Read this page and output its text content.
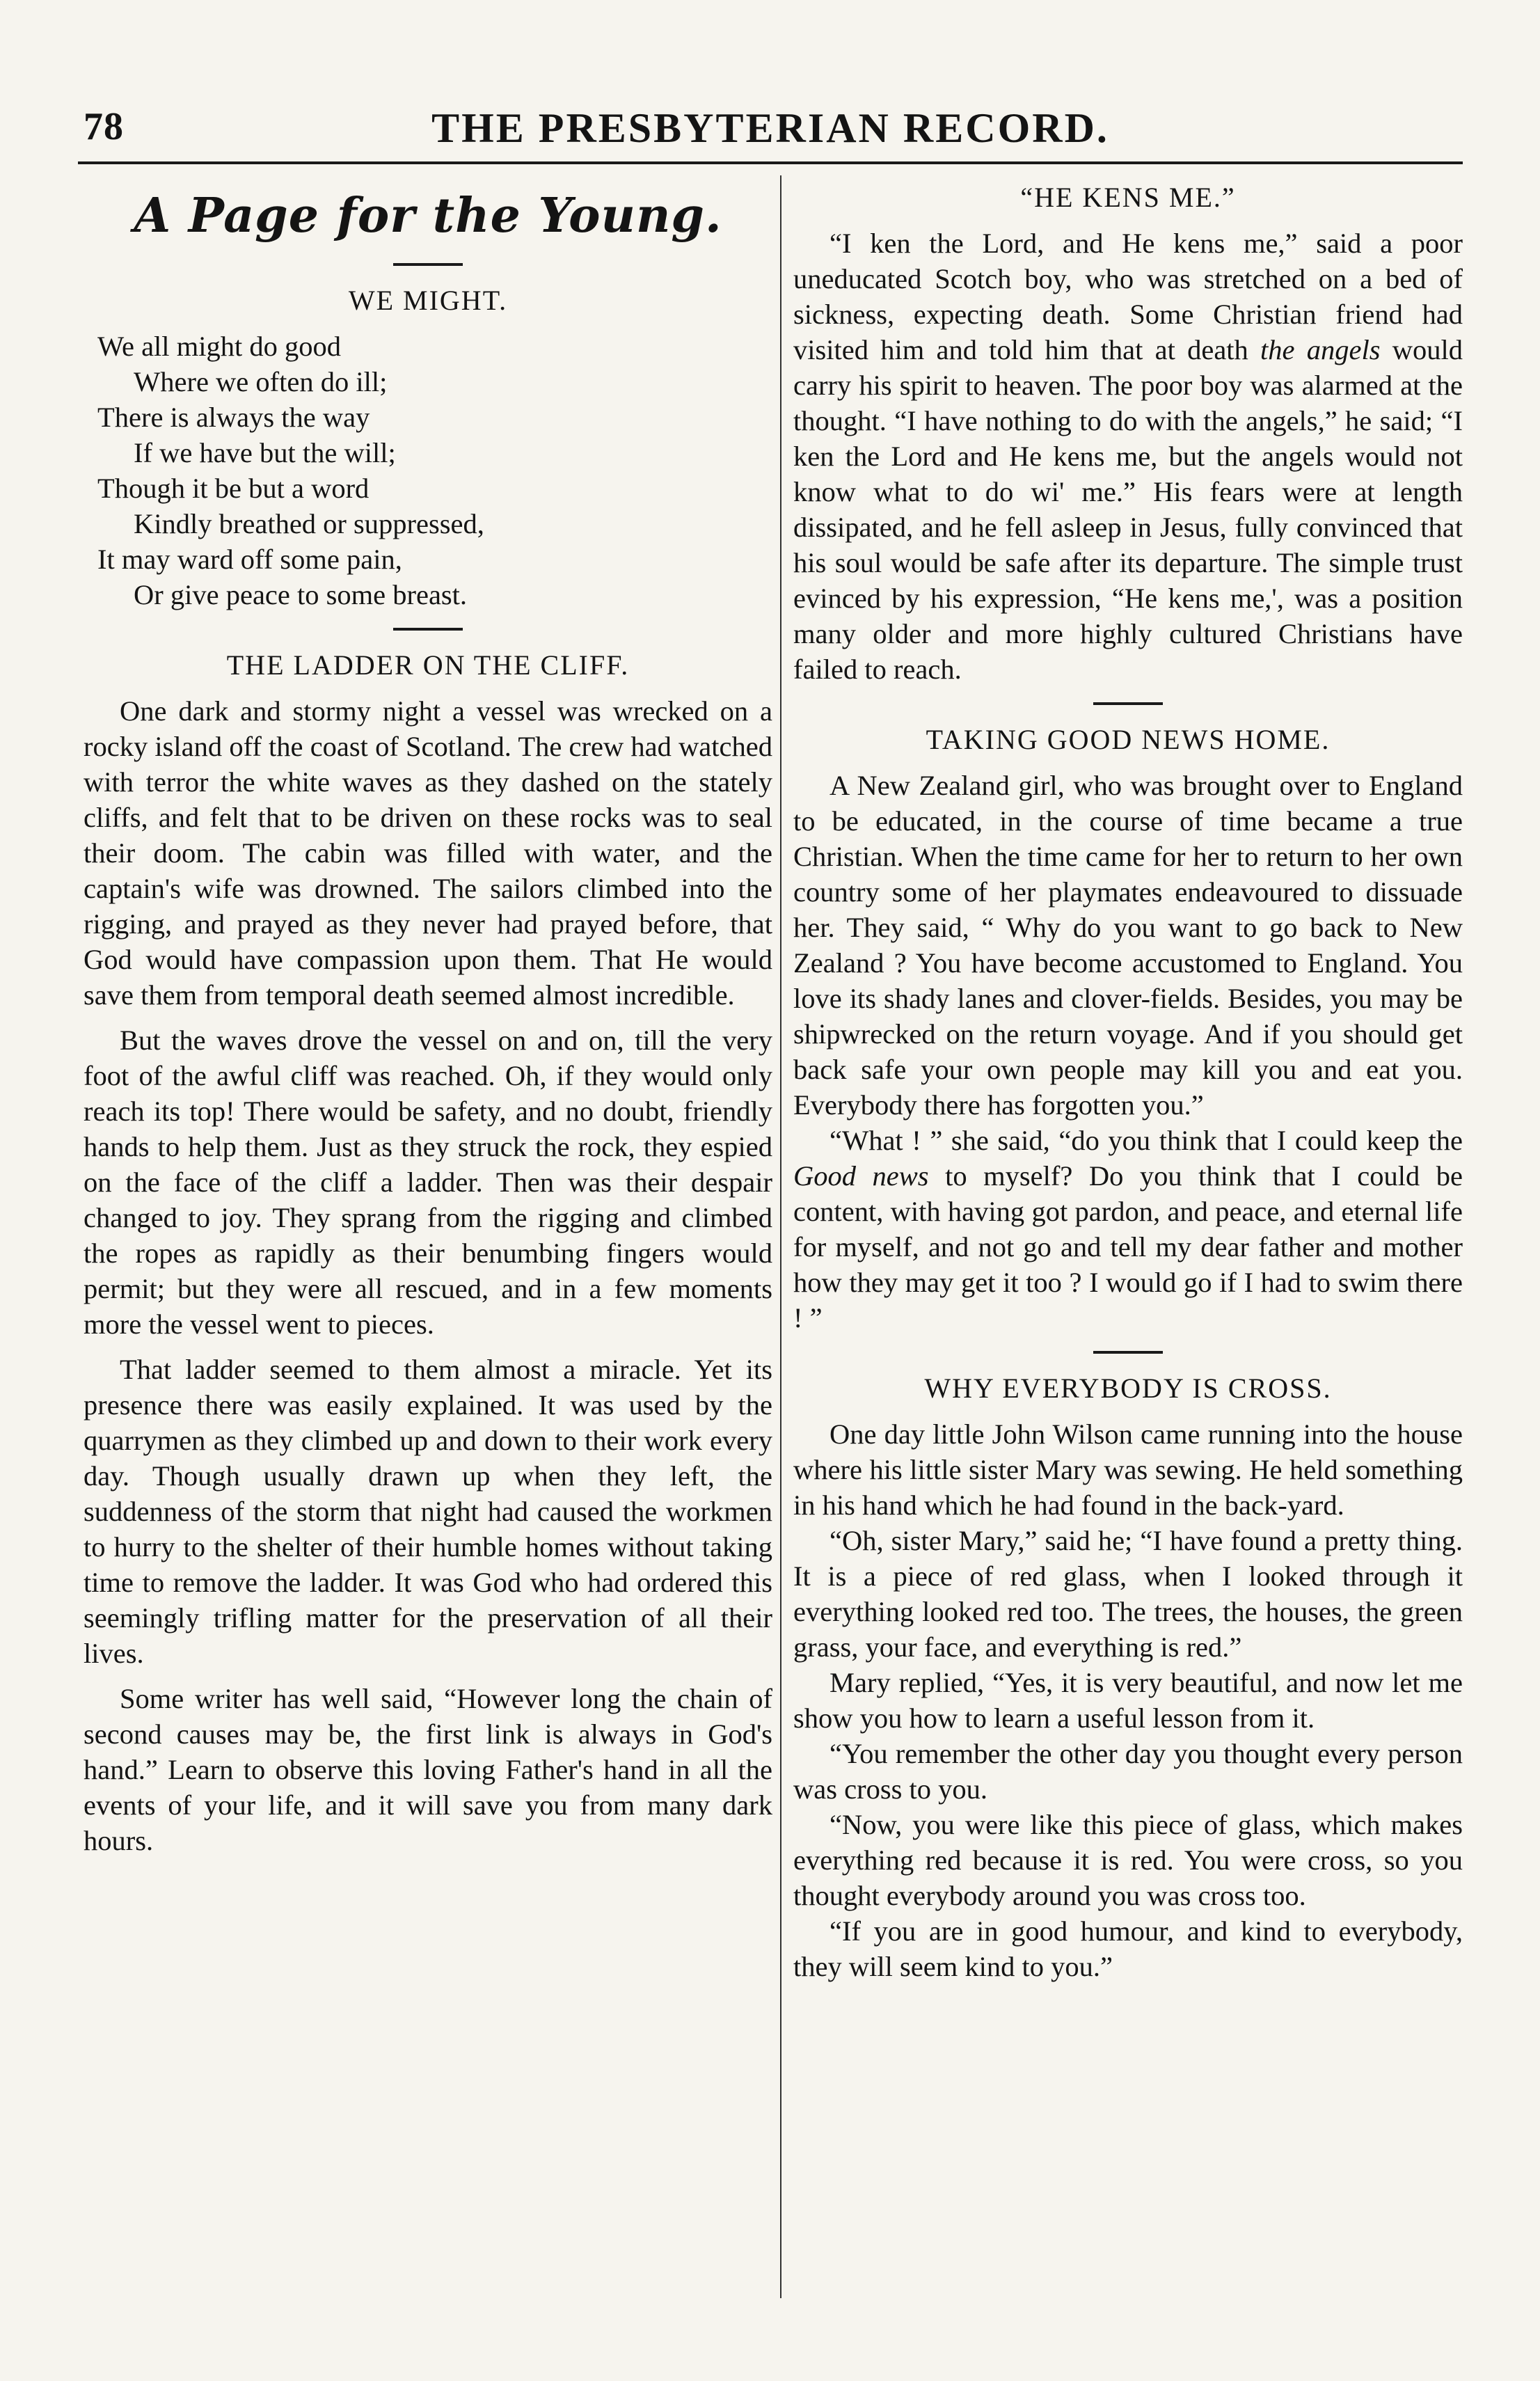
78	THE PRESBYTERIAN RECORD.
A Page for the Young.
WE MIGHT.
We all might do good
Where we often do ill;
There is always the way
If we have but the will;
Though it be but a word
Kindly breathed or suppressed,
It may ward off some pain,
Or give peace to some breast.
THE LADDER ON THE CLIFF.

One dark and stormy night a vessel was wrecked on a rocky island off the coast of Scotland. The crew had watched with terror the white waves as they dashed on the stately cliffs, and felt that to be driven on these rocks was to seal their doom. The cabin was filled with water, and the captain's wife was drowned. The sailors climbed into the rigging, and prayed as they never had prayed before, that God would have compassion upon them. That He would save them from temporal death seemed almost incredible.

But the waves drove the vessel on and on, till the very foot of the awful cliff was reached. Oh, if they would only reach its top! There would be safety, and no doubt, friendly hands to help them. Just as they struck the rock, they espied on the face of the cliff a ladder. Then was their despair changed to joy. They sprang from the rigging and climbed the ropes as rapidly as their benumbing fingers would permit; but they were all rescued, and in a few moments more the vessel went to pieces.

That ladder seemed to them almost a miracle. Yet its presence there was easily explained. It was used by the quarrymen as they climbed up and down to their work every day. Though usually drawn up when they left, the suddenness of the storm that night had caused the workmen to hurry to the shelter of their humble homes without taking time to remove the ladder. It was God who had ordered this seemingly trifling matter for the preservation of all their lives.

Some writer has well said, “However long the chain of second causes may be, the first link is always in God's hand.” Learn to observe this loving Father's hand in all the events of your life, and it will save you from many dark hours.

“HE KENS ME.”

“I ken the Lord, and He kens me,” said a poor uneducated Scotch boy, who was stretched on a bed of sickness, expecting death. Some Christian friend had visited him and told him that at death the angels would carry his spirit to heaven. The poor boy was alarmed at the thought. “I have nothing to do with the angels,” he said; “I ken the Lord and He kens me, but the angels would not know what to do wi' me.” His fears were at length dissipated, and he fell asleep in Jesus, fully convinced that his soul would be safe after its departure. The simple trust evinced by his expression, “He kens me,', was a position many older and more highly cultured Christians have failed to reach.

TAKING GOOD NEWS HOME.

A New Zealand girl, who was brought over to England to be educated, in the course of time became a true Christian. When the time came for her to return to her own country some of her playmates endeavoured to dissuade her. They said, “ Why do you want to go back to New Zealand ? You have become accustomed to England. You love its shady lanes and clover-fields. Besides, you may be shipwrecked on the return voyage. And if you should get back safe your own people may kill you and eat you. Everybody there has forgotten you.”

“What ! ” she said, “do you think that I could keep the Good news to myself? Do you think that I could be content, with having got pardon, and peace, and eternal life for myself, and not go and tell my dear father and mother how they may get it too ? I would go if I had to swim there ! ”

WHY EVERYBODY IS CROSS.

One day little John Wilson came running into the house where his little sister Mary was sewing. He held something in his hand which he had found in the back-yard.

“Oh, sister Mary,” said he; “I have found a pretty thing. It is a piece of red glass, when I looked through it everything looked red too. The trees, the houses, the green grass, your face, and everything is red.”

Mary replied, “Yes, it is very beautiful, and now let me show you how to learn a useful lesson from it.

“You remember the other day you thought every person was cross to you.

“Now, you were like this piece of glass, which makes everything red because it is red. You were cross, so you thought everybody around you was cross too.

“If you are in good humour, and kind to everybody, they will seem kind to you.”
